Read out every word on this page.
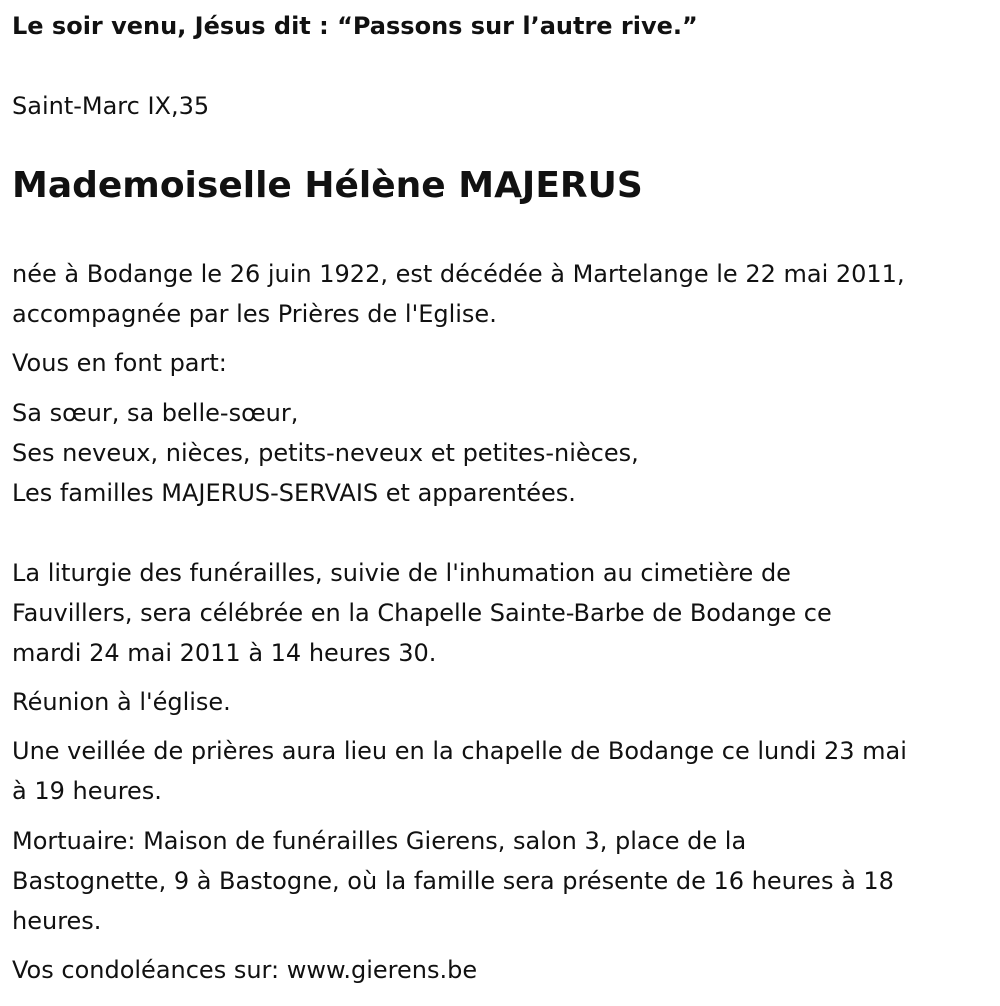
Le soir venu, Jésus dit : “Passons sur l’autre rive.”
Saint-Marc IX,35
Mademoiselle Hélène MAJERUS
née à Bodange le 26 juin 1922, est décédée à Martelange le 22 mai 2011,
accompagnée par les Prières de l'Eglise.
Vous en font part:
Sa sœur, sa belle-sœur,
Ses neveux, nièces, petits-neveux et petites-nièces,
Les familles MAJERUS-SERVAIS et apparentées.
La liturgie des funérailles, suivie de l'inhumation au cimetière de
Fauvillers, sera célébrée en la Chapelle Sainte-Barbe de Bodange ce
mardi 24 mai 2011 à 14 heures 30.
Réunion à l'église.
Une veillée de prières aura lieu en la chapelle de Bodange ce lundi 23 mai
à 19 heures.
Mortuaire: Maison de funérailles Gierens, salon 3, place de la
Bastognette, 9 à Bastogne, où la famille sera présente de 16 heures à 18
heures.
Vos condoléances sur: www.gierens.be
